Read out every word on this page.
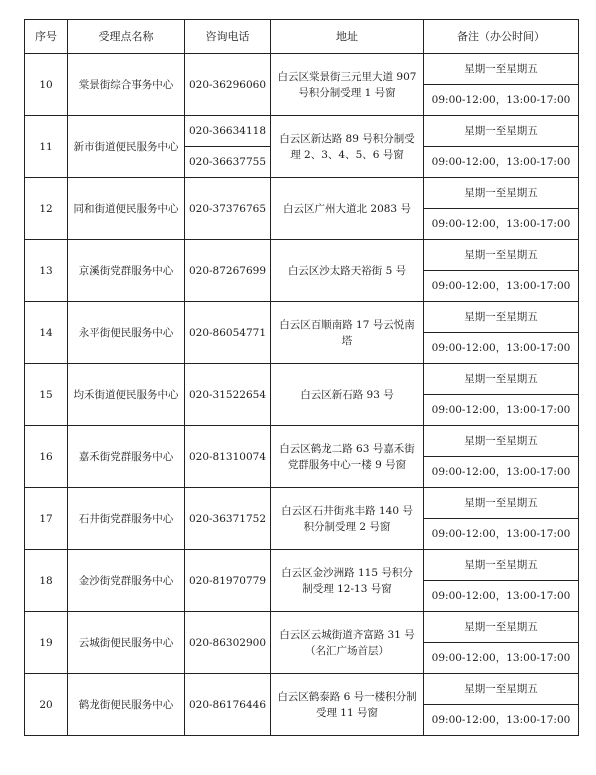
序号	受理点名称	咨询电话	地址	备注（办公时间）
10	棠景街综合事务中心	020-36296060	白云区棠景街三元里大道 907 号积分制受理 1 号窗	星期一至星期五
				09:00-12:00，13:00-17:00
11	新市街道便民服务中心	020-36634118	白云区新达路 89 号积分制受理 2、3、4、5、6 号窗	星期一至星期五
		020-36637755		09:00-12:00，13:00-17:00
12	同和街道便民服务中心	020-37376765	白云区广州大道北 2083 号	星期一至星期五
				09:00-12:00，13:00-17:00
13	京溪街党群服务中心	020-87267699	白云区沙太路天裕街 5 号	星期一至星期五
				09:00-12:00，13:00-17:00
14	永平街便民服务中心	020-86054771	白云区百顺南路 17 号云悦南塔	星期一至星期五
				09:00-12:00，13:00-17:00
15	均禾街道便民服务中心	020-31522654	白云区新石路 93 号	星期一至星期五
				09:00-12:00，13:00-17:00
16	嘉禾街党群服务中心	020-81310074	白云区鹤龙二路 63 号嘉禾街党群服务中心一楼 9 号窗	星期一至星期五
				09:00-12:00，13:00-17:00
17	石井街党群服务中心	020-36371752	白云区石井街兆丰路 140 号积分制受理 2 号窗	星期一至星期五
				09:00-12:00，13:00-17:00
18	金沙街党群服务中心	020-81970779	白云区金沙洲路 115 号积分制受理 12-13 号窗	星期一至星期五
				09:00-12:00，13:00-17:00
19	云城街便民服务中心	020-86302900	白云区云城街道齐富路 31 号（名汇广场首层）	星期一至星期五
				09:00-12:00，13:00-17:00
20	鹤龙街便民服务中心	020-86176446	白云区鹤泰路 6 号一楼积分制受理 11 号窗	星期一至星期五
				09:00-12:00，13:00-17:00
